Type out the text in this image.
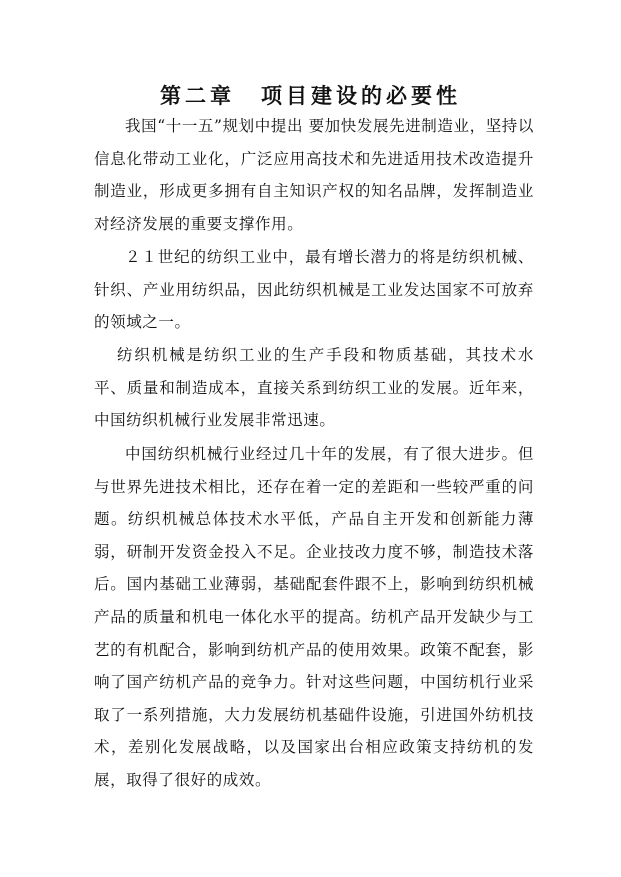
第二章 项目建设的必要性

我国“十一五”规划中提出 要加快发展先进制造业，坚持以信息化带动工业化，广泛应用高技术和先进适用技术改造提升制造业，形成更多拥有自主知识产权的知名品牌，发挥制造业对经济发展的重要支撑作用。

２１世纪的纺织工业中，最有增长潜力的将是纺织机械、针织、产业用纺织品，因此纺织机械是工业发达国家不可放弃的领域之一。

纺织机械是纺织工业的生产手段和物质基础，其技术水平、质量和制造成本，直接关系到纺织工业的发展。近年来，中国纺织机械行业发展非常迅速。

中国纺织机械行业经过几十年的发展，有了很大进步。但与世界先进技术相比，还存在着一定的差距和一些较严重的问题。纺织机械总体技术水平低，产品自主开发和创新能力薄弱，研制开发资金投入不足。企业技改力度不够，制造技术落后。国内基础工业薄弱，基础配套件跟不上，影响到纺织机械产品的质量和机电一体化水平的提高。纺机产品开发缺少与工艺的有机配合，影响到纺机产品的使用效果。政策不配套，影响了国产纺机产品的竞争力。针对这些问题，中国纺机行业采取了一系列措施，大力发展纺机基础件设施，引进国外纺机技术，差别化发展战略，以及国家出台相应政策支持纺机的发展，取得了很好的成效。
